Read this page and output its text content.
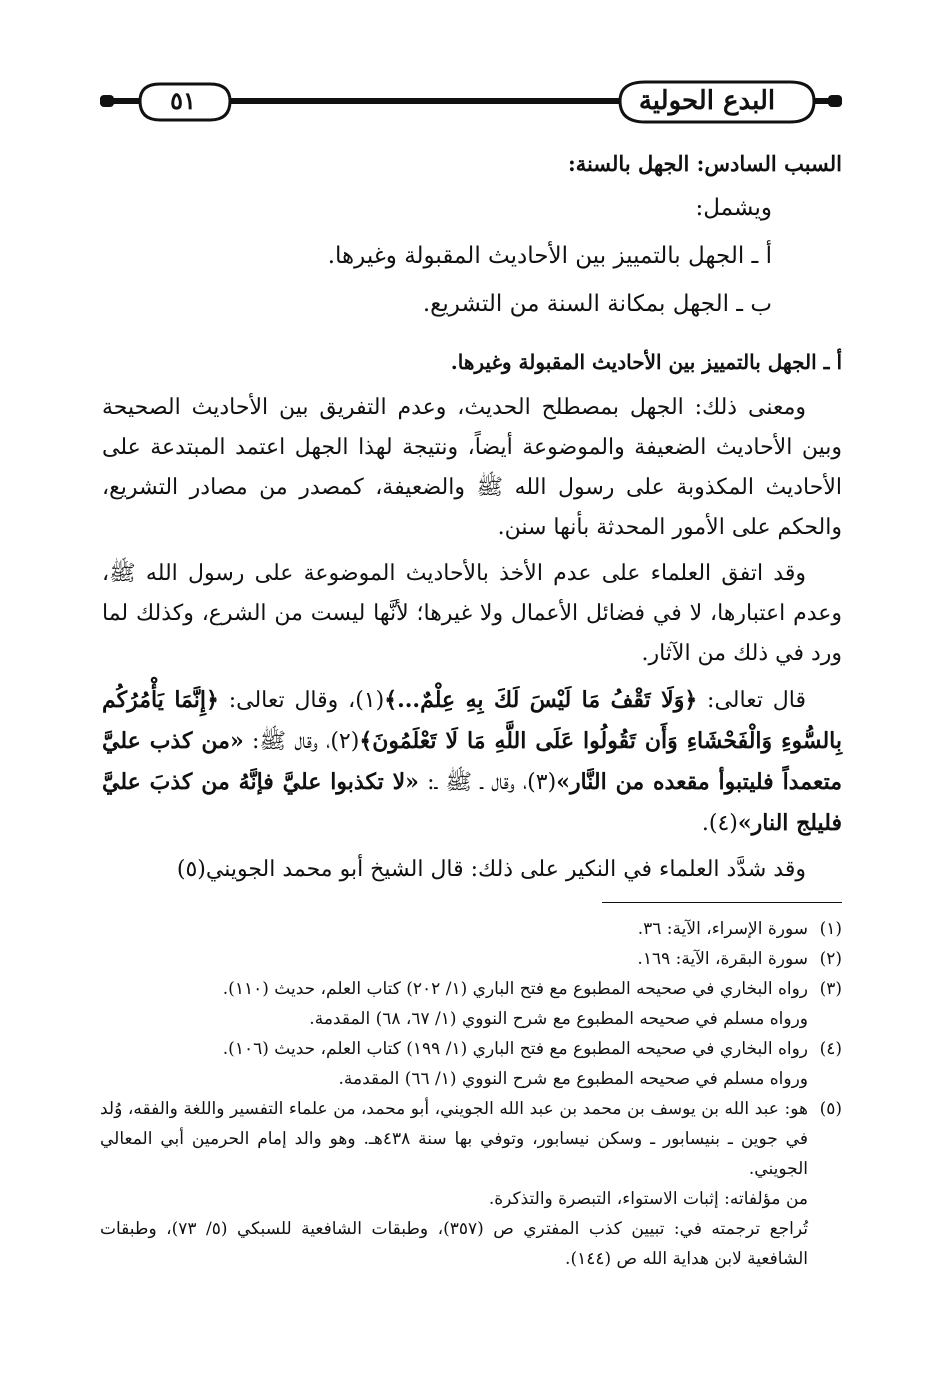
البدع الحولية
٥١

السبب السادس: الجهل بالسنة:

ويشمل:

أ ـ الجهل بالتمييز بين الأحاديث المقبولة وغيرها.

ب ـ الجهل بمكانة السنة من التشريع.

أ ـ الجهل بالتمييز بين الأحاديث المقبولة وغيرها.

ومعنى ذلك: الجهل بمصطلح الحديث، وعدم التفريق بين الأحاديث الصحيحة وبين الأحاديث الضعيفة والموضوعة أيضاً، ونتيجة لهذا الجهل اعتمد المبتدعة على الأحاديث المكذوبة على رسول الله ﷺ والضعيفة، كمصدر من مصادر التشريع، والحكم على الأمور المحدثة بأنها سنن.

وقد اتفق العلماء على عدم الأخذ بالأحاديث الموضوعة على رسول الله ﷺ، وعدم اعتبارها، لا في فضائل الأعمال ولا غيرها؛ لأنَّها ليست من الشرع، وكذلك لما ورد في ذلك من الآثار.

قال تعالى: ﴿وَلَا تَقْفُ مَا لَيْسَ لَكَ بِهِ عِلْمٌ...﴾(١)، وقال تعالى: ﴿إِنَّمَا يَأْمُرُكُم بِالسُّوءِ وَالْفَحْشَاءِ وَأَن تَقُولُوا عَلَى اللَّهِ مَا لَا تَعْلَمُونَ﴾(٢)، وقال ﷺ: «من كذب عليَّ متعمداً فليتبوأ مقعده من النَّار»(٣)، وقال ـ ﷺ ـ: «لا تكذبوا عليَّ فإنَّهُ من كذبَ عليَّ فليلج النار»(٤).

وقد شدَّد العلماء في النكير على ذلك: قال الشيخ أبو محمد الجويني(٥)

(١)
سورة الإسراء، الآية: ٣٦.
(٢)
سورة البقرة، الآية: ١٦٩.
(٣)
رواه البخاري في صحيحه المطبوع مع فتح الباري (١/ ٢٠٢) كتاب العلم، حديث (١١٠).
ورواه مسلم في صحيحه المطبوع مع شرح النووي (١/ ٦٧، ٦٨) المقدمة.
(٤)
رواه البخاري في صحيحه المطبوع مع فتح الباري (١/ ١٩٩) كتاب العلم، حديث (١٠٦).
ورواه مسلم في صحيحه المطبوع مع شرح النووي (١/ ٦٦) المقدمة.
(٥)
هو: عبد الله بن يوسف بن محمد بن عبد الله الجويني، أبو محمد، من علماء التفسير واللغة والفقه، وُلد في جوين ـ بنيسابور ـ وسكن نيسابور، وتوفي بها سنة ٤٣٨هـ. وهو والد إمام الحرمين أبي المعالي الجويني.
من مؤلفاته: إثبات الاستواء، التبصرة والتذكرة.
تُراجع ترجمته في: تبيين كذب المفتري ص (٣٥٧)، وطبقات الشافعية للسبكي (٥/ ٧٣)، وطبقات الشافعية لابن هداية الله ص (١٤٤).
